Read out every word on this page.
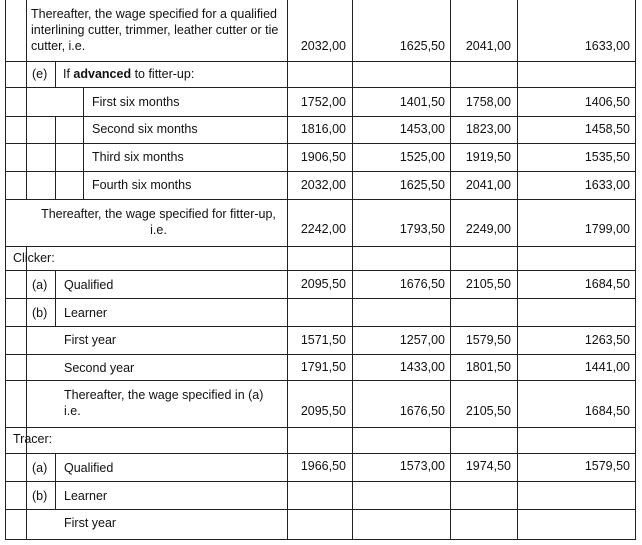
Thereafter, the wage specified for a qualified interlining cutter, trimmer, leather cutter or tie cutter, i.e.	2032,00	1625,50	2041,00	1633,00
(e) If advanced to fitter-up:
First six months	1752,00	1401,50	1758,00	1406,50
Second six months	1816,00	1453,00	1823,00	1458,50
Third six months	1906,50	1525,00	1919,50	1535,50
Fourth six months	2032,00	1625,50	2041,00	1633,00
Thereafter, the wage specified for fitter-up, i.e.	2242,00	1793,50	2249,00	1799,00
Clicker:
(a) Qualified	2095,50	1676,50	2105,50	1684,50
(b) Learner
First year	1571,50	1257,00	1579,50	1263,50
Second year	1791,50	1433,00	1801,50	1441,00
Thereafter, the wage specified in (a) i.e.	2095,50	1676,50	2105,50	1684,50
Tracer:
(a) Qualified	1966,50	1573,00	1974,50	1579,50
(b) Learner
First year
